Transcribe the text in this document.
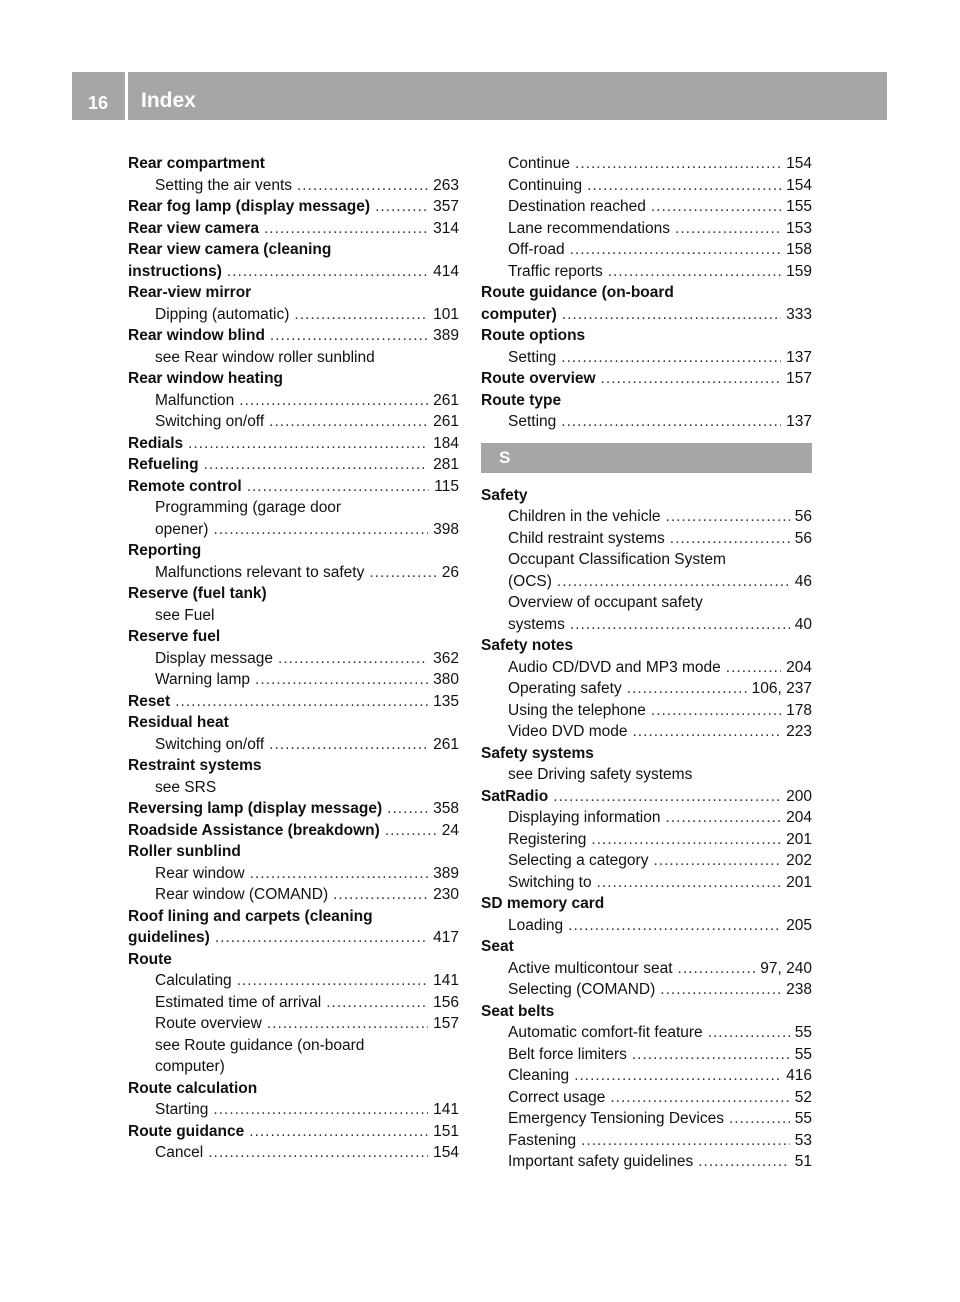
16	Index
Rear compartment
Setting the air vents .....	263
Rear fog lamp (display message) .....	357
Rear view camera .....	314
Rear view camera (cleaning
instructions) .....	414
Rear-view mirror
Dipping (automatic) .....	101
Rear window blind .....	389
see Rear window roller sunblind
Rear window heating
Malfunction .....	261
Switching on/off .....	261
Redials .....	184
Refueling .....	281
Remote control .....	115
Programming (garage door
opener) .....	398
Reporting
Malfunctions relevant to safety .....	26
Reserve (fuel tank)
see Fuel
Reserve fuel
Display message .....	362
Warning lamp .....	380
Reset .....	135
Residual heat
Switching on/off .....	261
Restraint systems
see SRS
Reversing lamp (display message) .....	358
Roadside Assistance (breakdown) .....	24
Roller sunblind
Rear window .....	389
Rear window (COMAND) .....	230
Roof lining and carpets (cleaning
guidelines) .....	417
Route
Calculating .....	141
Estimated time of arrival .....	156
Route overview .....	157
see Route guidance (on-board
computer)
Route calculation
Starting .....	141
Route guidance .....	151
Cancel .....	154
Continue .....	154
Continuing .....	154
Destination reached .....	155
Lane recommendations .....	153
Off-road .....	158
Traffic reports .....	159
Route guidance (on-board
computer) .....	333
Route options
Setting .....	137
Route overview .....	157
Route type
Setting .....	137
S
Safety
Children in the vehicle .....	56
Child restraint systems .....	56
Occupant Classification System
(OCS) .....	46
Overview of occupant safety
systems .....	40
Safety notes
Audio CD/DVD and MP3 mode .....	204
Operating safety .....	106, 237
Using the telephone .....	178
Video DVD mode .....	223
Safety systems
see Driving safety systems
SatRadio .....	200
Displaying information .....	204
Registering .....	201
Selecting a category .....	202
Switching to .....	201
SD memory card
Loading .....	205
Seat
Active multicontour seat .....	97, 240
Selecting (COMAND) .....	238
Seat belts
Automatic comfort-fit feature .....	55
Belt force limiters .....	55
Cleaning .....	416
Correct usage .....	52
Emergency Tensioning Devices .....	55
Fastening .....	53
Important safety guidelines .....	51
